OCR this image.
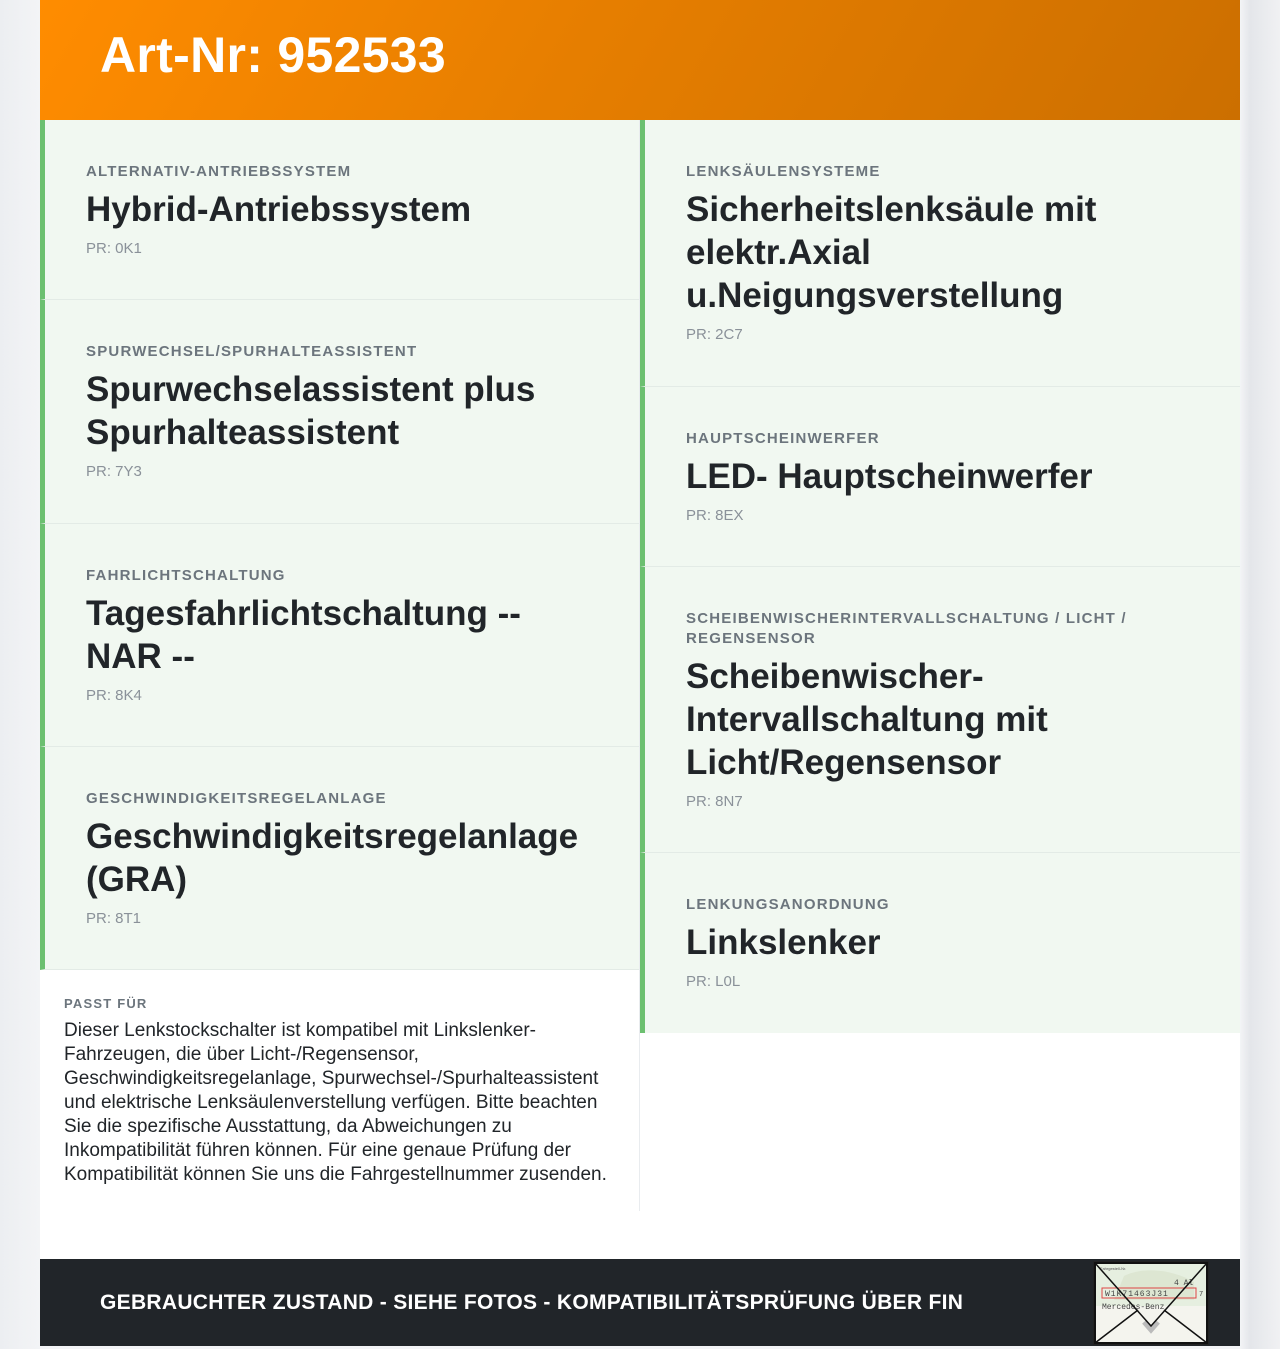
Art-Nr: 952533
ALTERNATIV-ANTRIEBSSYSTEM
Hybrid-Antriebssystem
PR: 0K1
SPURWECHSEL/SPURHALTEASSISTENT
Spurwechselassistent plus Spurhalteassistent
PR: 7Y3
FAHRLICHTSCHALTUNG
Tagesfahrlichtschaltung -- NAR --
PR: 8K4
GESCHWINDIGKEITSREGELANLAGE
Geschwindigkeitsregelanlage (GRA)
PR: 8T1
PASST FÜR
Dieser Lenkstockschalter ist kompatibel mit Linkslenker-Fahrzeugen, die über Licht-/Regensensor, Geschwindigkeitsregelanlage, Spurwechsel-/Spurhalteassistent und elektrische Lenksäulenverstellung verfügen. Bitte beachten Sie die spezifische Ausstattung, da Abweichungen zu Inkompatibilität führen können. Für eine genaue Prüfung der Kompatibilität können Sie uns die Fahrgestellnummer zusenden.
LENKSÄULENSYSTEME
Sicherheitslenksäule mit elektr.Axial u.Neigungsverstellung
PR: 2C7
HAUPTSCHEINWERFER
LED- Hauptscheinwerfer
PR: 8EX
SCHEIBENWISCHERINTERVALLSCHALTUNG / LICHT / REGENSENSOR
Scheibenwischer-Intervallschaltung mit Licht/Regensensor
PR: 8N7
LENKUNGSANORDNUNG
Linkslenker
PR: L0L
GEBRAUCHTER ZUSTAND - SIEHE FOTOS - KOMPATIBILITÄTSPRÜFUNG ÜBER FIN
Fahrgestell-Nr.
4 Al
W1K71463J31	7
Mercedes-Benz
